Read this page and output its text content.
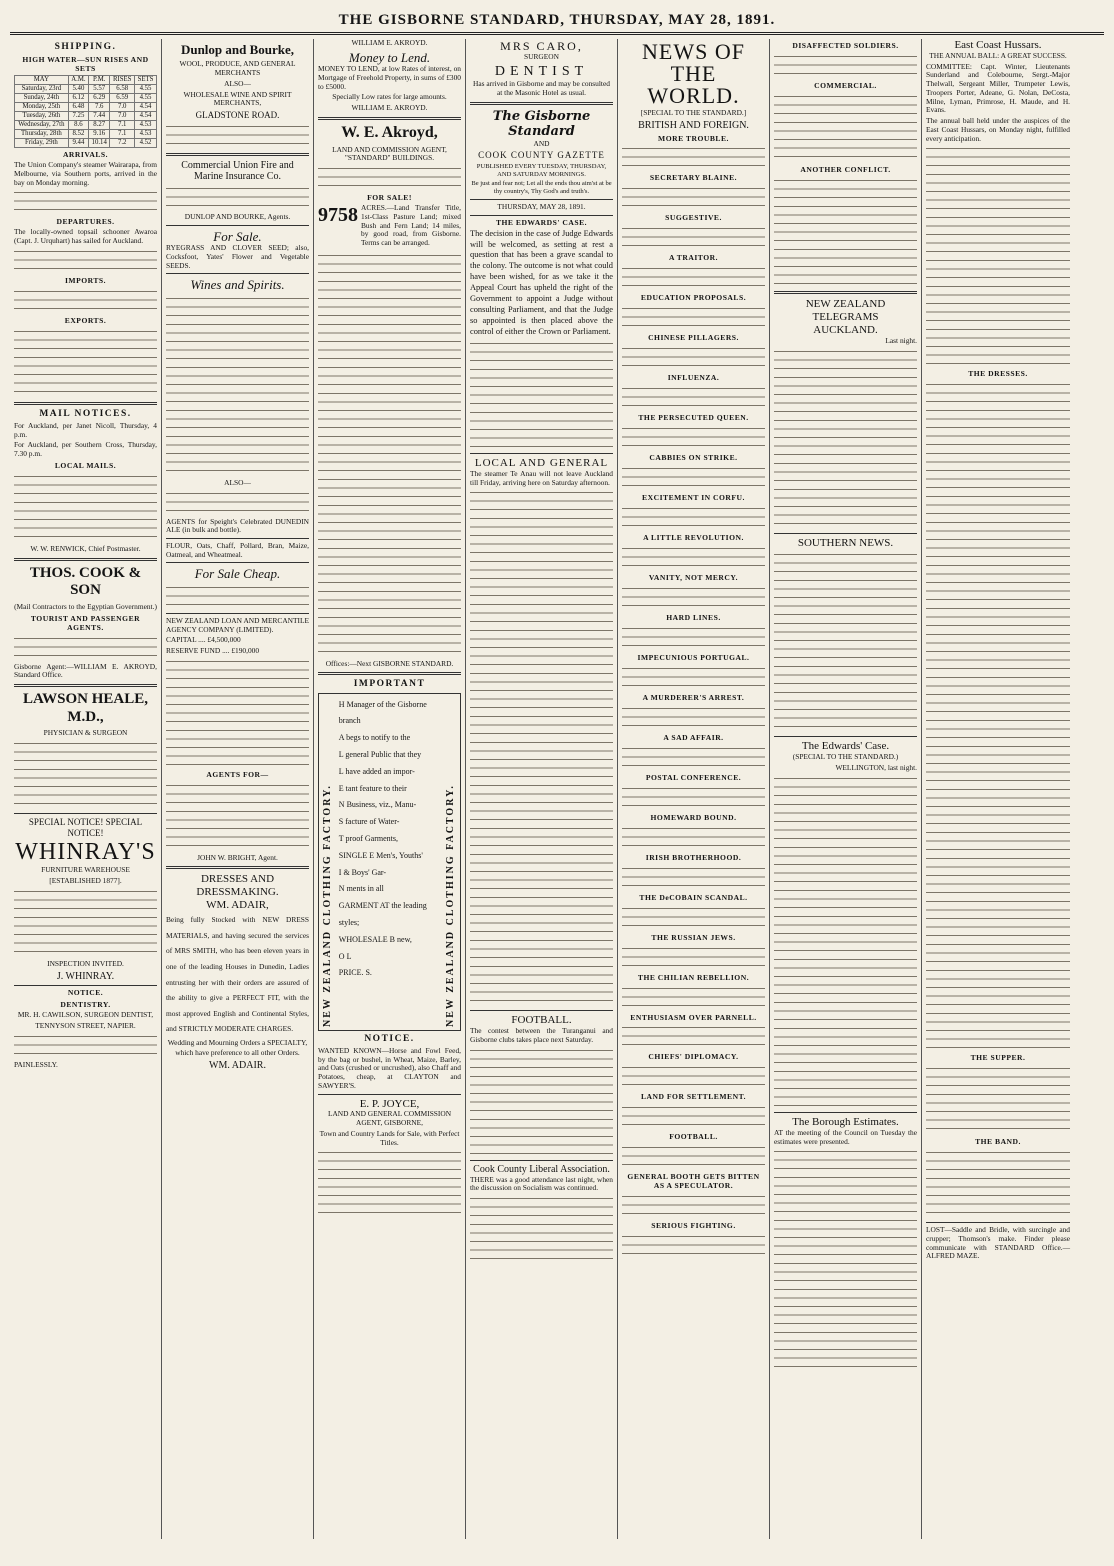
THE GISBORNE STANDARD, THURSDAY, MAY 28, 1891.
SHIPPING.
HIGH WATER—SUN RISES AND SETS
MAY	A.M.	P.M.	RISES	SETS
Saturday, 23rd	5.40	5.57	6.58	4.55
Sunday, 24th	6.12	6.29	6.59	4.55
Monday, 25th	6.48	7.6	7.0	4.54
Tuesday, 26th	7.25	7.44	7.0	4.54
Wednesday, 27th	8.6	8.27	7.1	4.53
Thursday, 28th	8.52	9.16	7.1	4.53
Friday, 29th	9.44	10.14	7.2	4.52
ARRIVALS.

The Union Company's steamer Wairarapa, from Melbourne, via Southern ports, arrived in the bay on Monday morning.

DEPARTURES.

The locally-owned topsail schooner Awaroa (Capt. J. Urquhart) has sailed for Auckland.

IMPORTS.
EXPORTS.
MAIL NOTICES.

For Auckland, per Janet Nicoll, Thursday, 4 p.m.

For Auckland, per Southern Cross, Thursday, 7.30 p.m.

LOCAL MAILS.

W. W. RENWICK, Chief Postmaster.

THOS. COOK & SON

(Mail Contractors to the Egyptian Government.)

TOURIST AND PASSENGER AGENTS.

Gisborne Agent:—WILLIAM E. AKROYD, Standard Office.

LAWSON HEALE, M.D.,

PHYSICIAN & SURGEON

SPECIAL NOTICE! SPECIAL NOTICE!

WHINRAY'S

FURNITURE WAREHOUSE

[ESTABLISHED 1877].

INSPECTION INVITED.

J. WHINRAY.

NOTICE.
DENTISTRY.

MR. H. CAWILSON, SURGEON DENTIST,

TENNYSON STREET, NAPIER.

PAINLESSLY.

Dunlop and Bourke,

WOOL, PRODUCE, AND GENERAL MERCHANTS

ALSO—

WHOLESALE WINE AND SPIRIT MERCHANTS,

GLADSTONE ROAD.

Commercial Union Fire and Marine Insurance Co.

DUNLOP AND BOURKE, Agents.

For Sale.

RYEGRASS AND CLOVER SEED; also, Cocksfoot, Yates' Flower and Vegetable SEEDS.

Wines and Spirits.

ALSO—

AGENTS for Speight's Celebrated DUNEDIN ALE (in bulk and bottle).

FLOUR, Oats, Chaff, Pollard, Bran, Maize, Oatmeal, and Wheatmeal.

For Sale Cheap.

NEW ZEALAND LOAN AND MERCANTILE AGENCY COMPANY (LIMITED).

CAPITAL .... £4,500,000

RESERVE FUND .... £190,000

AGENTS FOR—

JOHN W. BRIGHT, Agent.

DRESSES AND DRESSMAKING.
WM. ADAIR,

Being fully Stocked with NEW DRESS MATERIALS, and having secured the services of MRS SMITH, who has been eleven years in one of the leading Houses in Dunedin, Ladies entrusting her with their orders are assured of the ability to give a PERFECT FIT, with the most approved English and Continental Styles, and STRICTLY MODERATE CHARGES.

Wedding and Mourning Orders a SPECIALTY,

which have preference to all other Orders.

WM. ADAIR.

WILLIAM E. AKROYD.

Money to Lend.

MONEY TO LEND, at low Rates of interest, on Mortgage of Freehold Property, in sums of £300 to £5000.

Specially Low rates for large amounts.

WILLIAM E. AKROYD.

W. E. Akroyd,

LAND AND COMMISSION AGENT, "STANDARD" BUILDINGS.

FOR SALE!
9758 ACRES.—Land Transfer Title, 1st-Class Pasture Land; mixed Bush and Fern Land; 14 miles, by good road, from Gisborne. Terms can be arranged.

Offices:—Next GISBORNE STANDARD.

IMPORTANT
NEW ZEALAND CLOTHING FACTORY.
H Manager of the Gisborne branch
A begs to notify to the
L general Public that they
L have added an impor-
E tant feature to their
N Business, viz., Manu-
S facture of Water-
T proof Garments,
SINGLE E Men's, Youths'
I & Boys' Gar-
N ments in all
GARMENT AT the leading
styles;
WHOLESALE B new,
O L
PRICE. S.	NEW ZEALAND CLOTHING FACTORY.
NOTICE.

WANTED KNOWN—Horse and Fowl Feed, by the bag or bushel, in Wheat, Maize, Barley, and Oats (crushed or uncrushed), also Chaff and Potatoes, cheap, at CLAYTON and SAWYER'S.

E. P. JOYCE,

LAND AND GENERAL COMMISSION AGENT, GISBORNE,

Town and Country Lands for Sale, with Perfect Titles.

MRS CARO,

SURGEON

DENTIST

Has arrived in Gisborne and may be consulted at the Masonic Hotel as usual.

The Gisborne Standard

AND

COOK COUNTY GAZETTE

PUBLISHED EVERY TUESDAY, THURSDAY, AND SATURDAY MORNINGS.

Be just and fear not; Let all the ends thou aim'st at be thy country's, Thy God's and truth's.

THURSDAY, MAY 28, 1891.

THE EDWARDS' CASE.

The decision in the case of Judge Edwards will be welcomed, as setting at rest a question that has been a grave scandal to the colony. The outcome is not what could have been wished, for as we take it the Appeal Court has upheld the right of the Government to appoint a Judge without consulting Parliament, and that the Judge so appointed is then placed above the control of either the Crown or Parliament.

LOCAL AND GENERAL

The steamer Te Anau will not leave Auckland till Friday, arriving here on Saturday afternoon.

FOOTBALL.

The contest between the Turanganui and Gisborne clubs takes place next Saturday.

Cook County Liberal Association.

THERE was a good attendance last night, when the discussion on Socialism was continued.

NEWS OF THE WORLD.

[SPECIAL TO THE STANDARD.]

BRITISH AND FOREIGN.
MORE TROUBLE.
SECRETARY BLAINE.
SUGGESTIVE.
A TRAITOR.
EDUCATION PROPOSALS.
CHINESE PILLAGERS.
INFLUENZA.
THE PERSECUTED QUEEN.
CABBIES ON STRIKE.
EXCITEMENT IN CORFU.
A LITTLE REVOLUTION.
VANITY, NOT MERCY.
HARD LINES.
IMPECUNIOUS PORTUGAL.
A MURDERER'S ARREST.
A SAD AFFAIR.
POSTAL CONFERENCE.
HOMEWARD BOUND.
IRISH BROTHERHOOD.
THE DeCOBAIN SCANDAL.
THE RUSSIAN JEWS.
THE CHILIAN REBELLION.
ENTHUSIASM OVER PARNELL.
CHIEFS' DIPLOMACY.
LAND FOR SETTLEMENT.
FOOTBALL.
GENERAL BOOTH GETS BITTEN AS A SPECULATOR.
SERIOUS FIGHTING.
DISAFFECTED SOLDIERS.
COMMERCIAL.
ANOTHER CONFLICT.
NEW ZEALAND TELEGRAMS
AUCKLAND.

Last night.

SOUTHERN NEWS.
The Edwards' Case.

(SPECIAL TO THE STANDARD.)

WELLINGTON, last night.

The Borough Estimates.

AT the meeting of the Council on Tuesday the estimates were presented.

East Coast Hussars.

THE ANNUAL BALL: A GREAT SUCCESS.

COMMITTEE: Capt. Winter, Lieutenants Sunderland and Colebourne, Sergt.-Major Thelwall, Sergeant Miller, Trumpeter Lewis, Troopers Porter, Adeane, G. Nolan, DeCosta, Milne, Lyman, Primrose, H. Maude, and H. Evans.

The annual ball held under the auspices of the East Coast Hussars, on Monday night, fulfilled every anticipation.

THE DRESSES.
THE SUPPER.
THE BAND.

LOST—Saddle and Bridle, with surcingle and crupper; Thomson's make. Finder please communicate with STANDARD Office.—ALFRED MAZE.
